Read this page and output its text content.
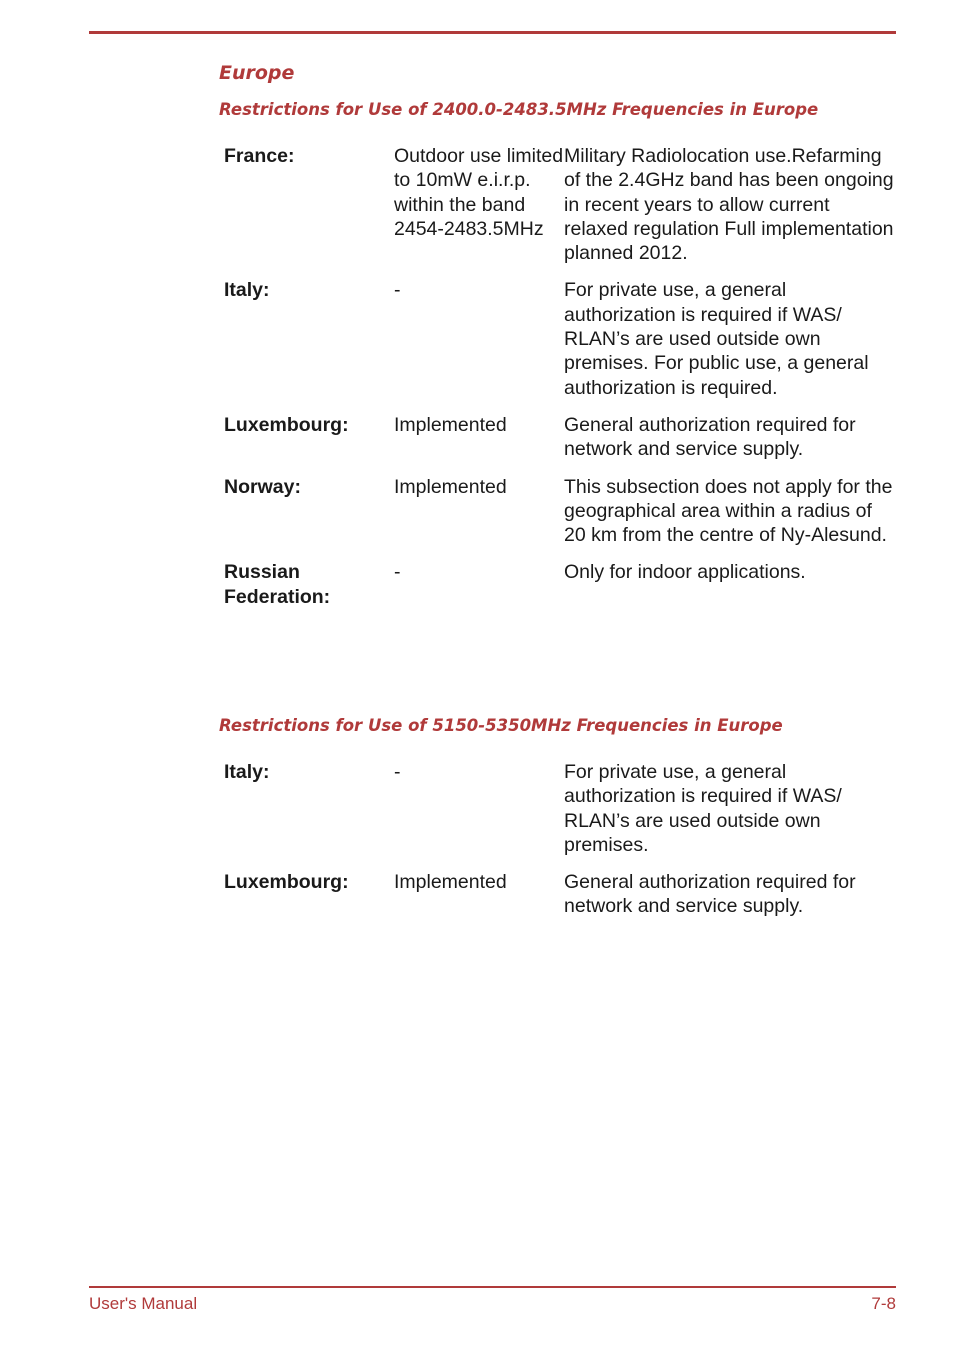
Europe
Restrictions for Use of 2400.0-2483.5MHz Frequencies in Europe
France:	Outdoor use limited to 10mW e.i.r.p. within the band 2454-2483.5MHz	Military Radiolocation use.Refarming of the 2.4GHz band has been ongoing in recent years to allow current relaxed regulation Full implementation planned 2012.
Italy:	-	For private use, a general authorization is required if WAS/ RLAN’s are used outside own premises. For public use, a general authorization is required.
Luxembourg:	Implemented	General authorization required for network and service supply.
Norway:	Implemented	This subsection does not apply for the geographical area within a radius of 20 km from the centre of Ny-Alesund.
Russian Federation:	-	Only for indoor applications.
Restrictions for Use of 5150-5350MHz Frequencies in Europe
Italy:	-	For private use, a general authorization is required if WAS/ RLAN’s are used outside own premises.
Luxembourg:	Implemented	General authorization required for network and service supply.
User's Manual	7-8
